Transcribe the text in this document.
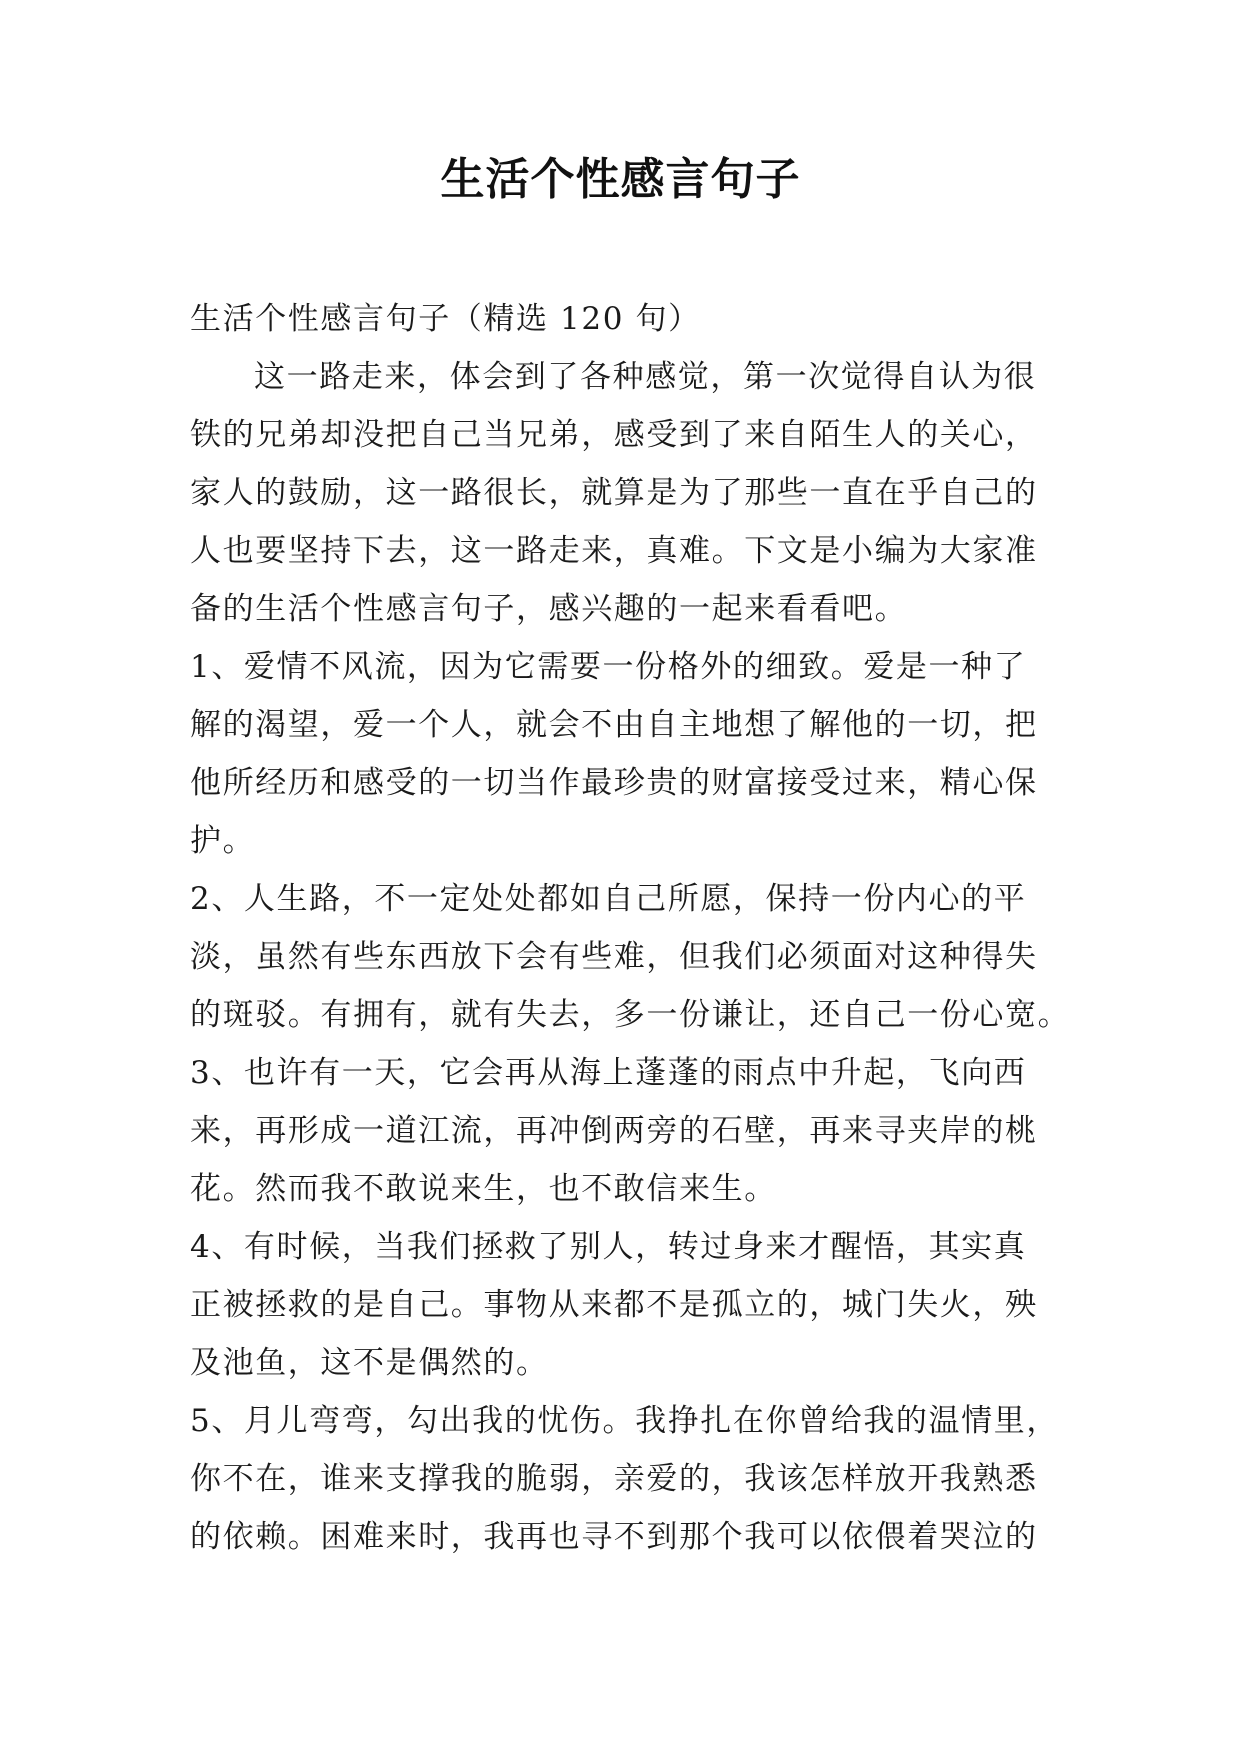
生活个性感言句子
生活个性感言句子（精选 120 句）
这一路走来，体会到了各种感觉，第一次觉得自认为很
铁的兄弟却没把自己当兄弟，感受到了来自陌生人的关心，
家人的鼓励，这一路很长，就算是为了那些一直在乎自己的
人也要坚持下去，这一路走来，真难。下文是小编为大家准
备的生活个性感言句子，感兴趣的一起来看看吧。
1、爱情不风流，因为它需要一份格外的细致。爱是一种了
解的渴望，爱一个人，就会不由自主地想了解他的一切，把
他所经历和感受的一切当作最珍贵的财富接受过来，精心保
护。
2、人生路，不一定处处都如自己所愿，保持一份内心的平
淡，虽然有些东西放下会有些难，但我们必须面对这种得失
的斑驳。有拥有，就有失去，多一份谦让，还自己一份心宽。
3、也许有一天，它会再从海上蓬蓬的雨点中升起，飞向西
来，再形成一道江流，再冲倒两旁的石壁，再来寻夹岸的桃
花。然而我不敢说来生，也不敢信来生。
4、有时候，当我们拯救了别人，转过身来才醒悟，其实真
正被拯救的是自己。事物从来都不是孤立的，城门失火，殃
及池鱼，这不是偶然的。
5、月儿弯弯，勾出我的忧伤。我挣扎在你曾给我的温情里，
你不在，谁来支撑我的脆弱，亲爱的，我该怎样放开我熟悉
的依赖。困难来时，我再也寻不到那个我可以依偎着哭泣的
